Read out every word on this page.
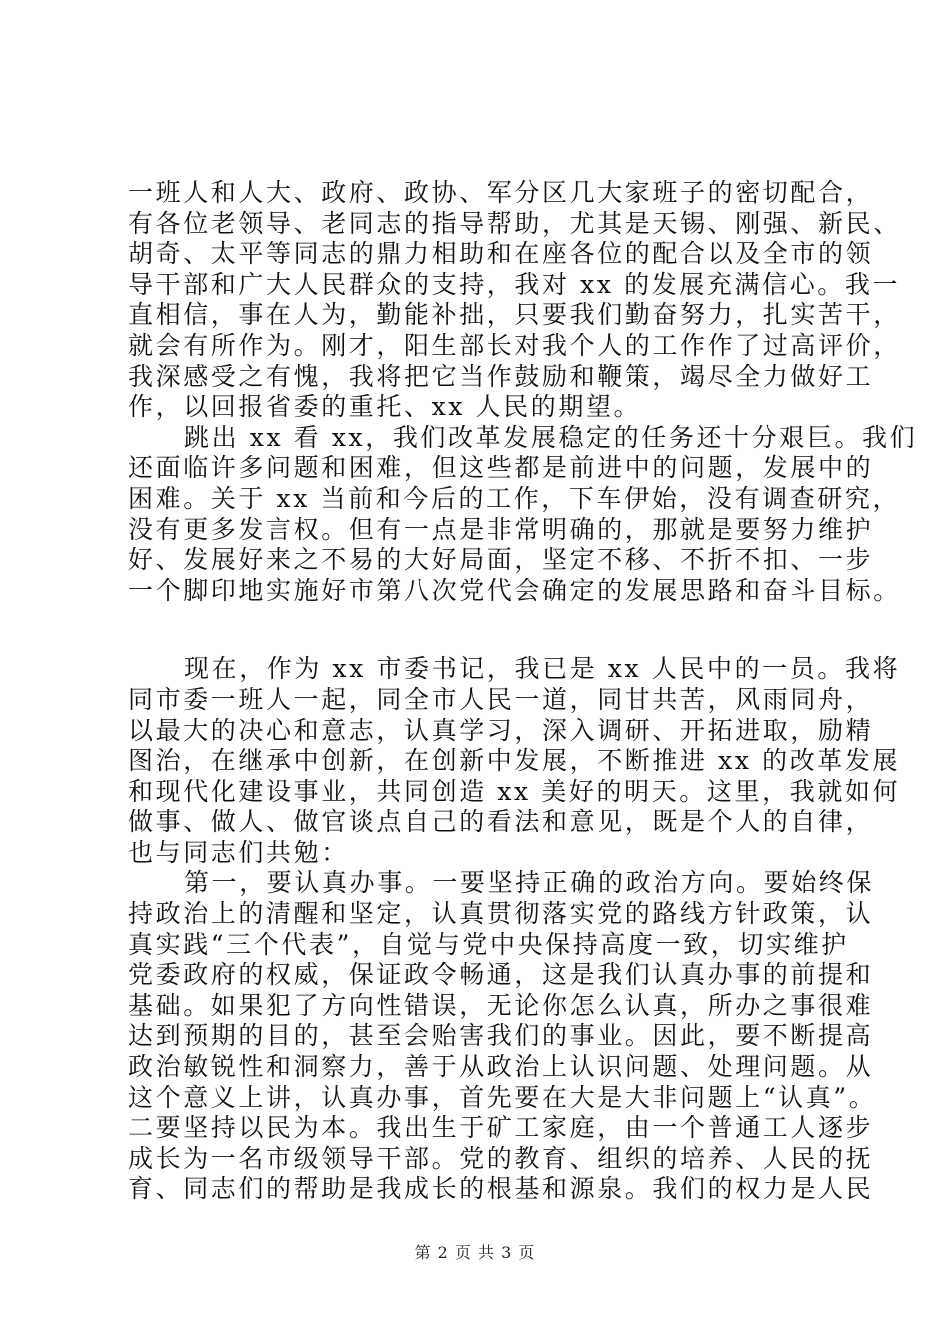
一班人和人大、政府、政协、军分区几大家班子的密切配合，
有各位老领导、老同志的指导帮助，尤其是天锡、刚强、新民、
胡奇、太平等同志的鼎力相助和在座各位的配合以及全市的领
导干部和广大人民群众的支持，我对 xx 的发展充满信心。我一
直相信，事在人为，勤能补拙，只要我们勤奋努力，扎实苦干，
就会有所作为。刚才，阳生部长对我个人的工作作了过高评价，
我深感受之有愧，我将把它当作鼓励和鞭策，竭尽全力做好工
作，以回报省委的重托、xx 人民的期望。
跳出 xx 看 xx，我们改革发展稳定的任务还十分艰巨。我们
还面临许多问题和困难，但这些都是前进中的问题，发展中的
困难。关于 xx 当前和今后的工作，下车伊始，没有调查研究，
没有更多发言权。但有一点是非常明确的，那就是要努力维护
好、发展好来之不易的大好局面，坚定不移、不折不扣、一步
一个脚印地实施好市第八次党代会确定的发展思路和奋斗目标。
现在，作为 xx 市委书记，我已是 xx 人民中的一员。我将
同市委一班人一起，同全市人民一道，同甘共苦，风雨同舟，
以最大的决心和意志，认真学习，深入调研、开拓进取，励精
图治，在继承中创新，在创新中发展，不断推进 xx 的改革发展
和现代化建设事业，共同创造 xx 美好的明天。这里，我就如何
做事、做人、做官谈点自己的看法和意见，既是个人的自律，
也与同志们共勉：
第一，要认真办事。一要坚持正确的政治方向。要始终保
持政治上的清醒和坚定，认真贯彻落实党的路线方针政策，认
真实践“三个代表”，自觉与党中央保持高度一致，切实维护
党委政府的权威，保证政令畅通，这是我们认真办事的前提和
基础。如果犯了方向性错误，无论你怎么认真，所办之事很难
达到预期的目的，甚至会贻害我们的事业。因此，要不断提高
政治敏锐性和洞察力，善于从政治上认识问题、处理问题。从
这个意义上讲，认真办事，首先要在大是大非问题上“认真”。
二要坚持以民为本。我出生于矿工家庭，由一个普通工人逐步
成长为一名市级领导干部。党的教育、组织的培养、人民的抚
育、同志们的帮助是我成长的根基和源泉。我们的权力是人民
第 2 页 共 3 页
